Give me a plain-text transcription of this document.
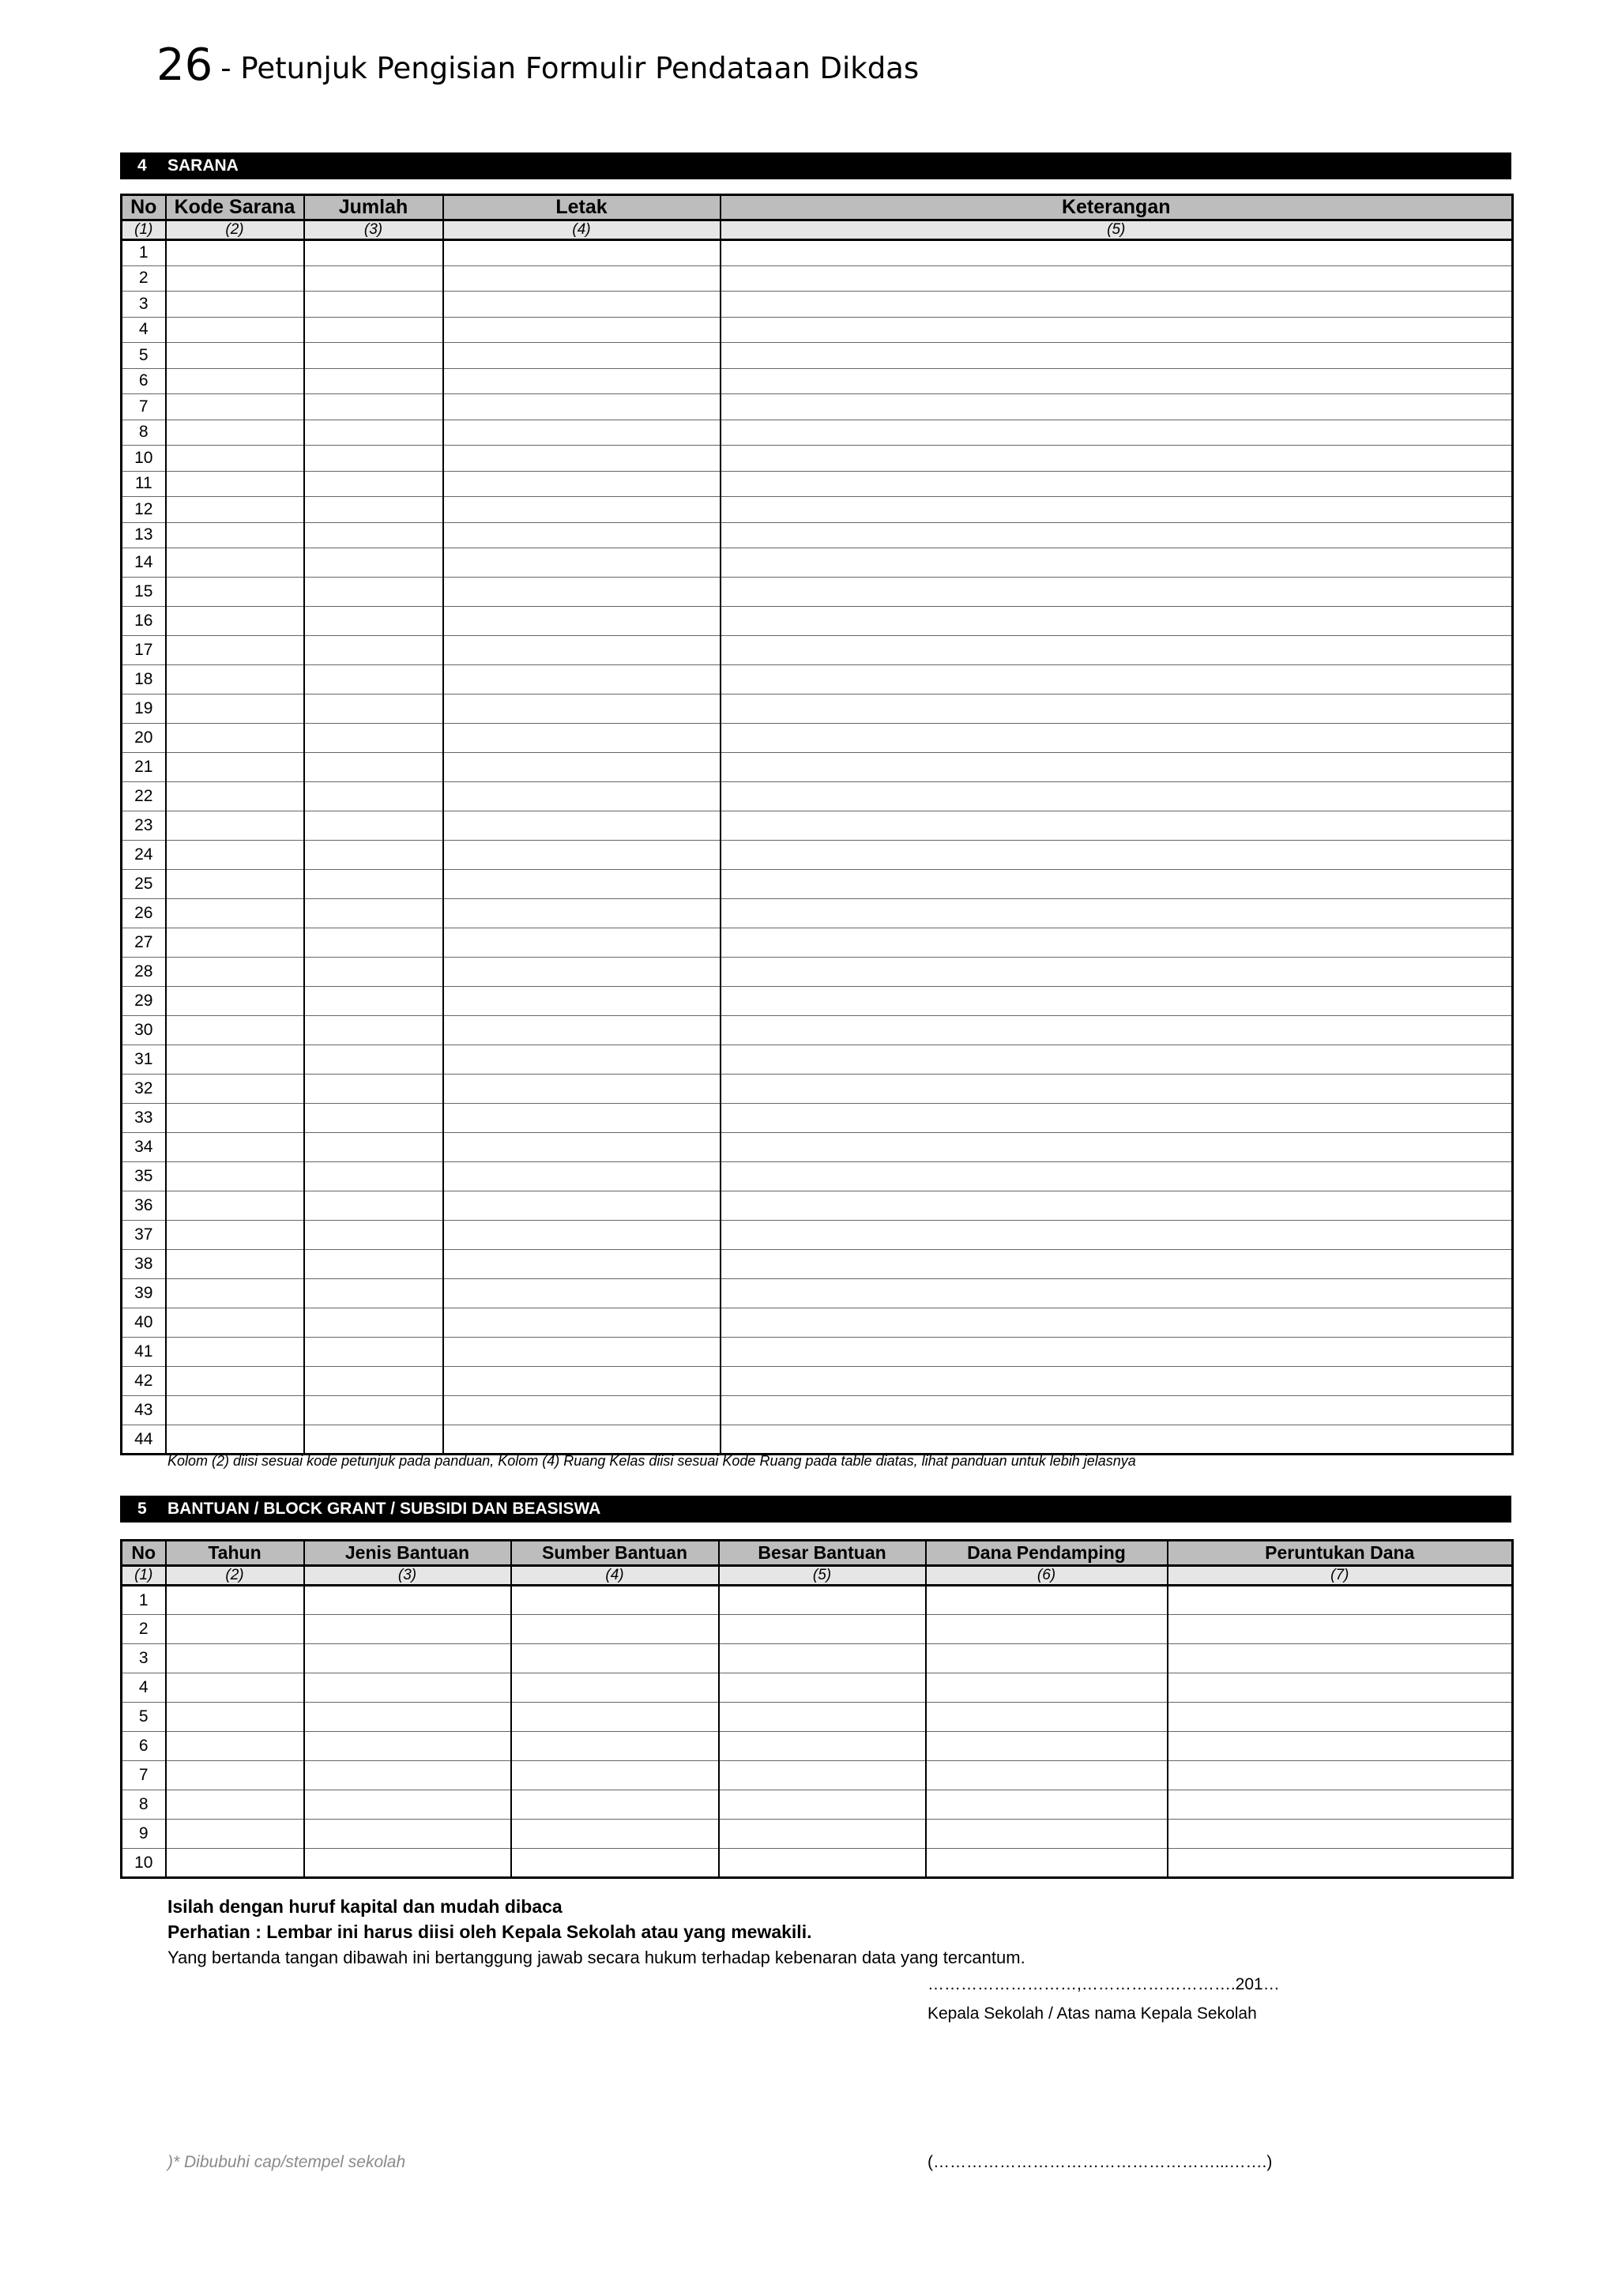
26 - Petunjuk Pengisian Formulir Pendataan Dikdas
4 SARANA
No	Kode Sarana	Jumlah	Letak	Keterangan
(1)	(2)	(3)	(4)	(5)
1				
2				
3				
4				
5				
6				
7				
8				
10				
11				
12				
13				
14				
15				
16				
17				
18				
19				
20				
21				
22				
23				
24				
25				
26				
27				
28				
29				
30				
31				
32				
33				
34				
35				
36				
37				
38				
39				
40				
41				
42				
43				
44				
Kolom (2) diisi sesuai kode petunjuk pada panduan, Kolom (4) Ruang Kelas diisi sesuai Kode Ruang pada table diatas, lihat panduan untuk lebih jelasnya
5 BANTUAN / BLOCK GRANT / SUBSIDI DAN BEASISWA
No	Tahun	Jenis Bantuan	Sumber Bantuan	Besar Bantuan	Dana Pendamping	Peruntukan Dana
(1)	(2)	(3)	(4)	(5)	(6)	(7)
1						
2						
3						
4						
5						
6						
7						
8						
9						
10						
Isilah dengan huruf kapital dan mudah dibaca
Perhatian : Lembar ini harus diisi oleh Kepala Sekolah atau yang mewakili.
Yang bertanda tangan dibawah ini bertanggung jawab secara hukum terhadap kebenaran data yang tercantum.
………………………,……………………….201…
Kepala Sekolah / Atas nama Kepala Sekolah
)* Dibubuhi cap/stempel sekolah	(……………………………………………...…….)
